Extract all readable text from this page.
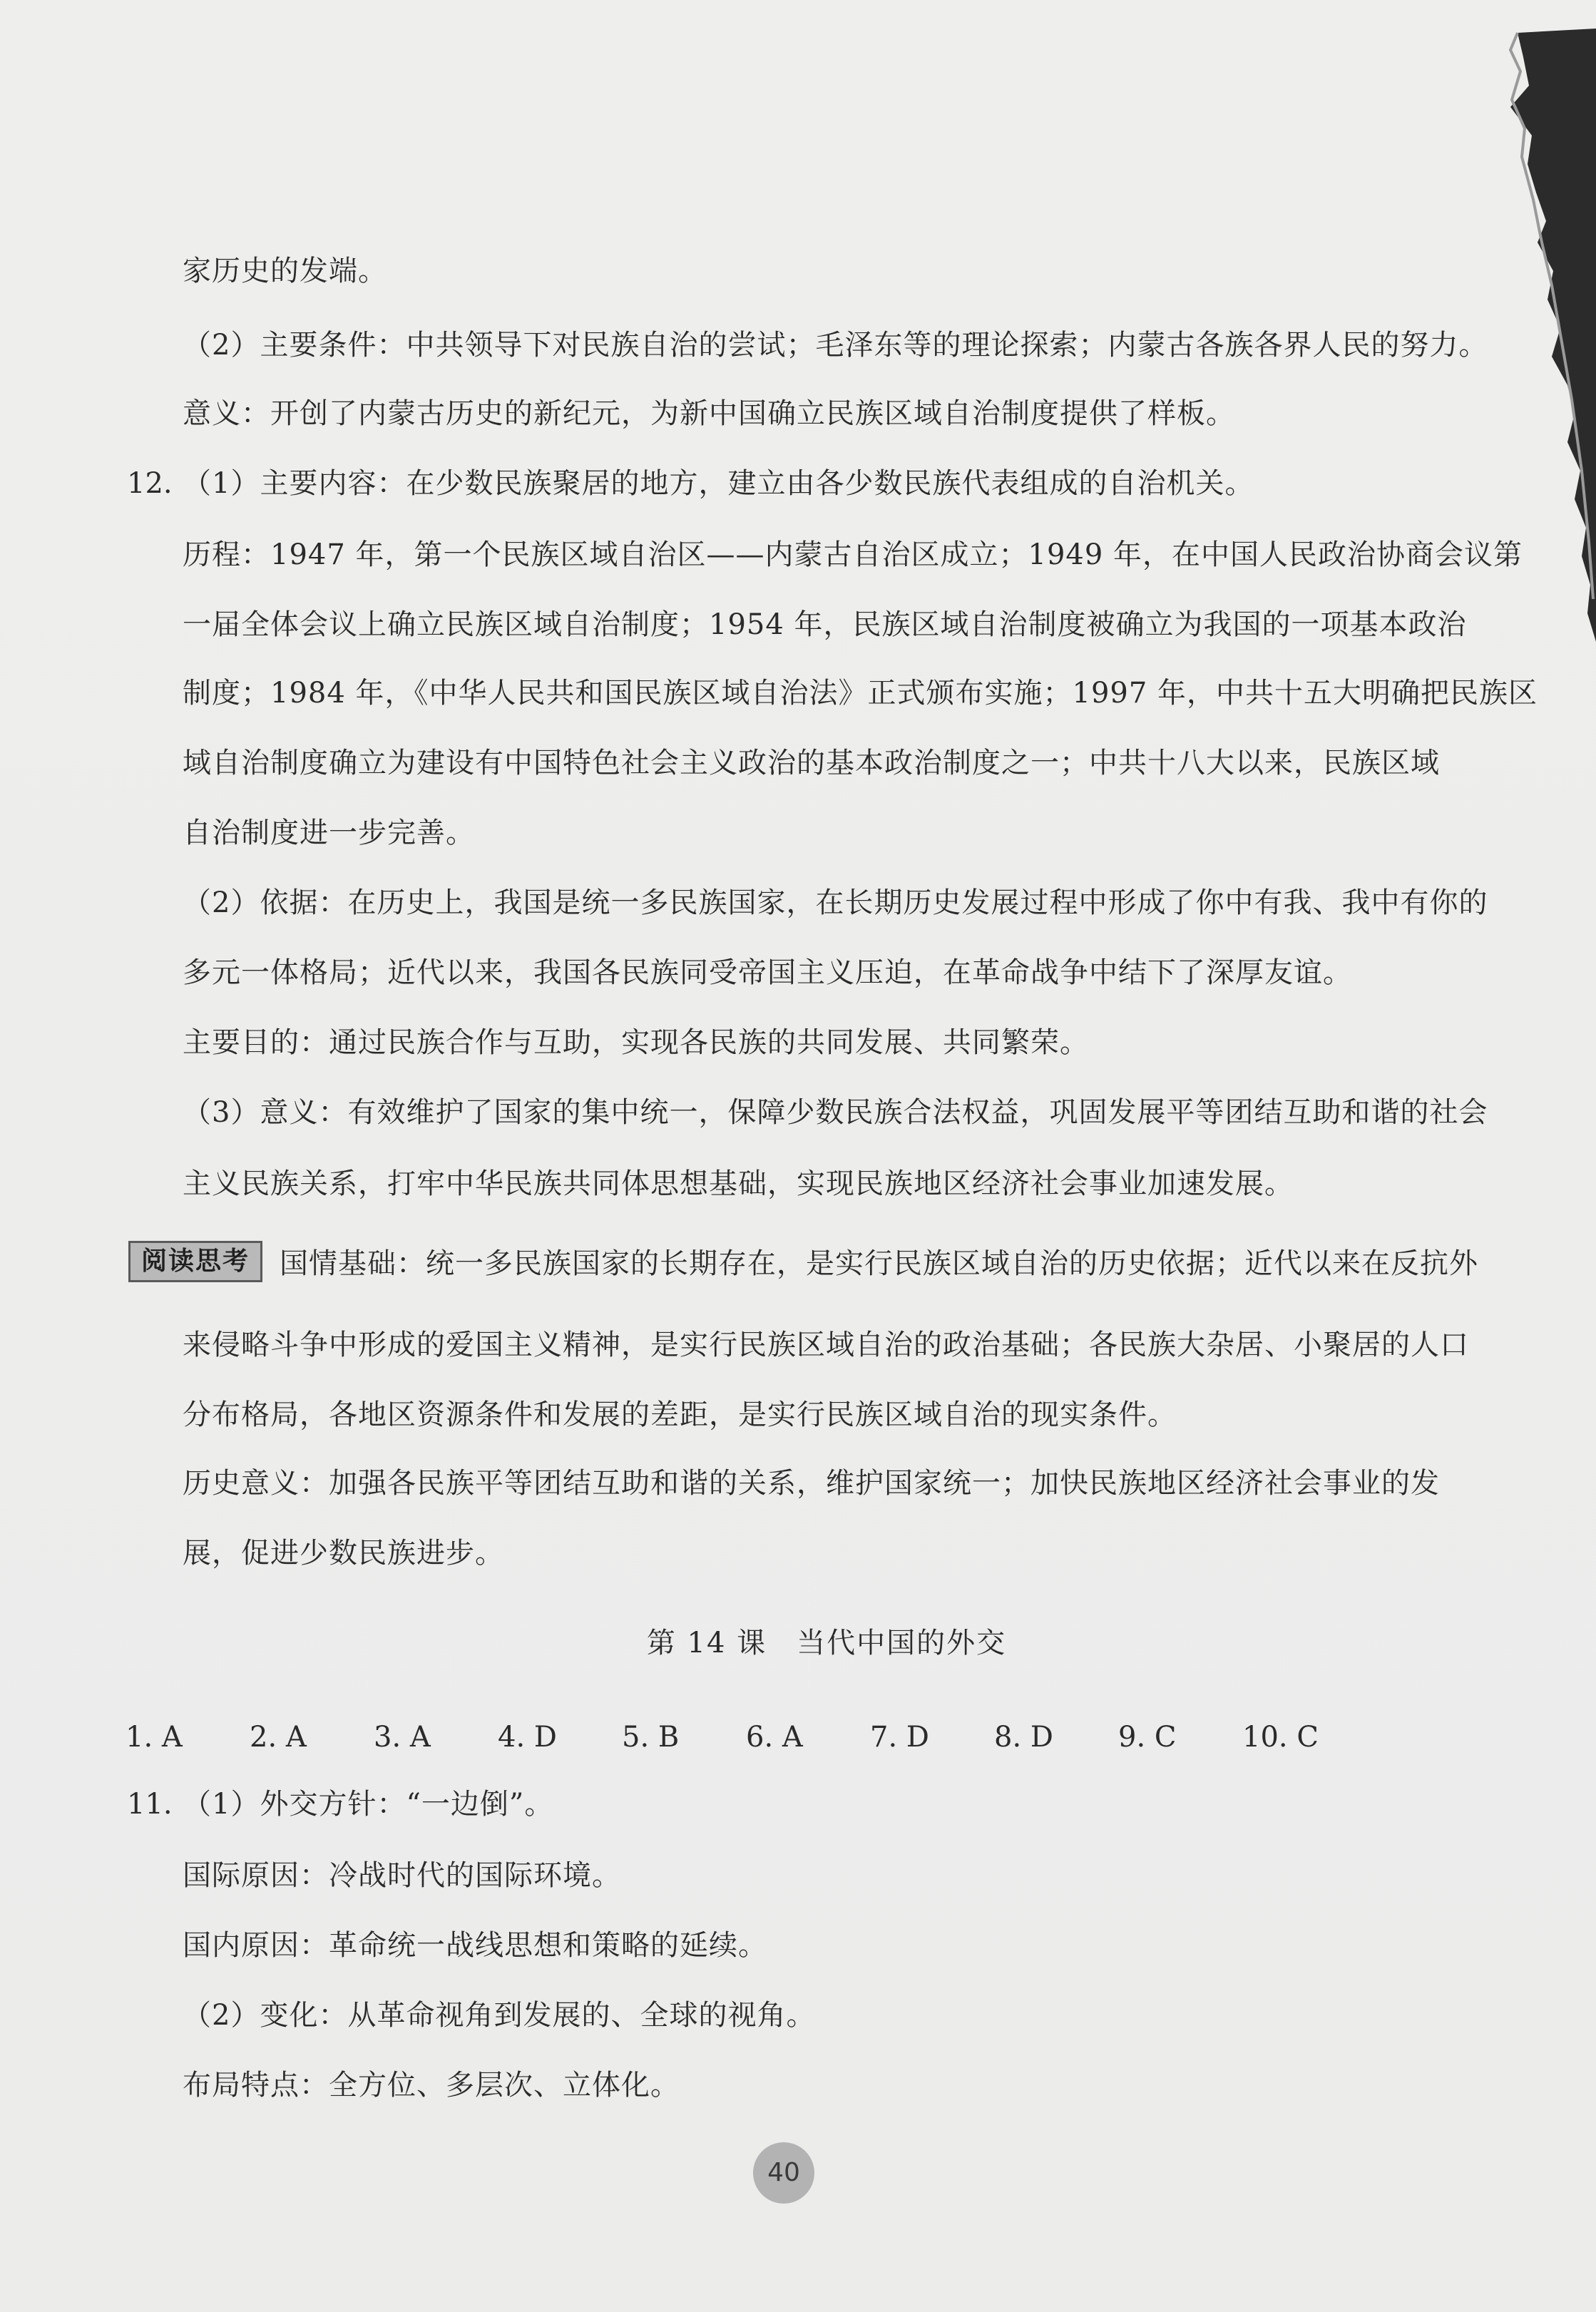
家历史的发端。
（2）主要条件：中共领导下对民族自治的尝试；毛泽东等的理论探索；内蒙古各族各界人民的努力。
意义：开创了内蒙古历史的新纪元，为新中国确立民族区域自治制度提供了样板。
12. （1）主要内容：在少数民族聚居的地方，建立由各少数民族代表组成的自治机关。
历程：1947 年，第一个民族区域自治区——内蒙古自治区成立；1949 年，在中国人民政治协商会议第
一届全体会议上确立民族区域自治制度；1954 年，民族区域自治制度被确立为我国的一项基本政治
制度；1984 年，《中华人民共和国民族区域自治法》正式颁布实施；1997 年，中共十五大明确把民族区
域自治制度确立为建设有中国特色社会主义政治的基本政治制度之一；中共十八大以来，民族区域
自治制度进一步完善。
（2）依据：在历史上，我国是统一多民族国家，在长期历史发展过程中形成了你中有我、我中有你的
多元一体格局；近代以来，我国各民族同受帝国主义压迫，在革命战争中结下了深厚友谊。
主要目的：通过民族合作与互助，实现各民族的共同发展、共同繁荣。
（3）意义：有效维护了国家的集中统一，保障少数民族合法权益，巩固发展平等团结互助和谐的社会
主义民族关系，打牢中华民族共同体思想基础，实现民族地区经济社会事业加速发展。
阅读思考	国情基础：统一多民族国家的长期存在，是实行民族区域自治的历史依据；近代以来在反抗外
来侵略斗争中形成的爱国主义精神，是实行民族区域自治的政治基础；各民族大杂居、小聚居的人口
分布格局，各地区资源条件和发展的差距，是实行民族区域自治的现实条件。
历史意义：加强各民族平等团结互助和谐的关系，维护国家统一；加快民族地区经济社会事业的发
展，促进少数民族进步。
第 14 课　当代中国的外交
1. A	2. A	3. A	4. D	5. B	6. A	7. D	8. D	9. C	10. C
11. （1）外交方针：“一边倒”。
国际原因：冷战时代的国际环境。
国内原因：革命统一战线思想和策略的延续。
（2）变化：从革命视角到发展的、全球的视角。
布局特点：全方位、多层次、立体化。
40
